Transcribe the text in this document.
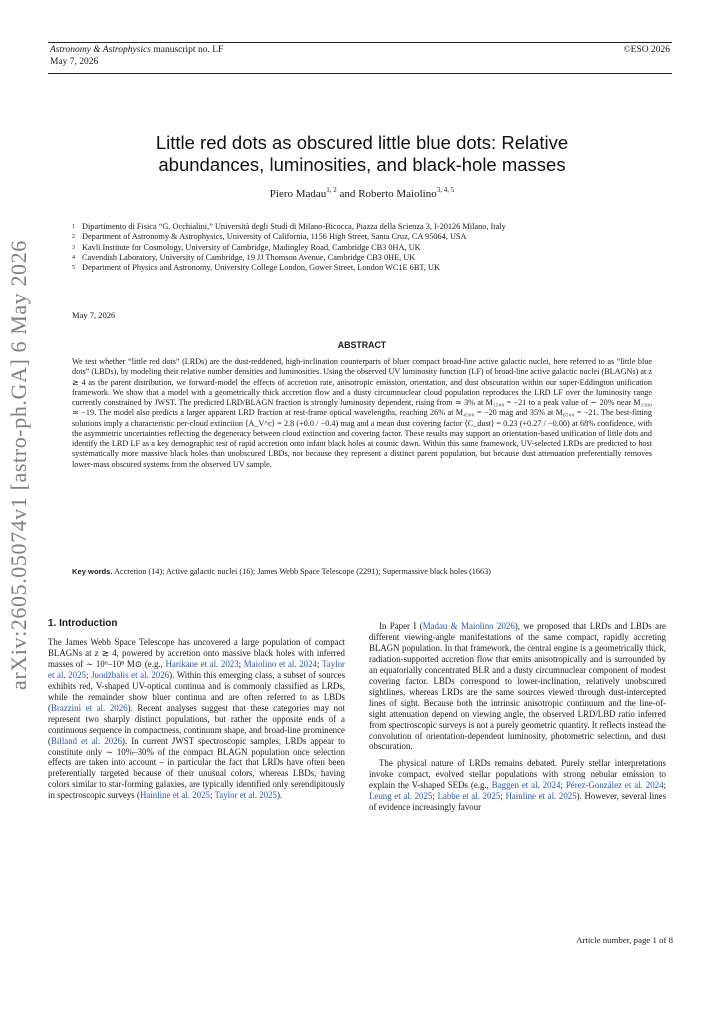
Astronomy & Astrophysics manuscript no. LF
May 7, 2026
©ESO 2026
arXiv:2605.05074v1 [astro-ph.GA] 6 May 2026
Little red dots as obscured little blue dots: Relative
abundances, luminosities, and black-hole masses
Piero Madau$^{1, 2}$ and Roberto Maiolino$^{3, 4, 5}$
1 Dipartimento di Fisica “G. Occhialini,” Università degli Studi di Milano-Bicocca, Piazza della Scienza 3, I-20126 Milano, Italy
2 Department of Astronomy & Astrophysics, University of California, 1156 High Street, Santa Cruz, CA 95064, USA
3 Kavli Institute for Cosmology, University of Cambridge, Madingley Road, Cambridge CB3 0HA, UK
4 Cavendish Laboratory, University of Cambridge, 19 JJ Thomson Avenue, Cambridge CB3 0HE, UK
5 Department of Physics and Astronomy, University College London, Gower Street, London WC1E 6BT, UK
May 7, 2026
ABSTRACT
We test whether “little red dots” (LRDs) are the dust-reddened, high-inclination counterparts of bluer compact broad-line active galactic nuclei, here referred to as “little blue dots” (LBDs), by modeling their relative number densities and luminosities. Using the observed UV luminosity function (LF) of broad-line active galactic nuclei (BLAGNs) at z ≳ 4 as the parent distribution, we forward-model the effects of accretion rate, anisotropic emission, orientation, and dust obscuration within our super-Eddington unification framework. We show that a model with a geometrically thick accretion flow and a dusty circumnuclear cloud population reproduces the LRD LF over the luminosity range currently constrained by JWST. The predicted LRD/BLAGN fraction is strongly luminosity dependent, rising from ≃ 3% at M₁₅₀₀ = −21 to a peak value of ∼ 20% near M₁₅₀₀ ≃ −19. The model also predicts a larger apparent LRD fraction at rest-frame optical wavelengths, reaching 26% at M₄₅₀₀ = −20 mag and 35% at M₆₅₀₀ = −21. The best-fitting solutions imply a characteristic per-cloud extinction ⟨A_V^c⟩ = 2.8 (+0.0 / −0.4) mag and a mean dust covering factor ⟨C_dust⟩ = 0.23 (+0.27 / −0.00) at 68% confidence, with the asymmetric uncertainties reflecting the degeneracy between cloud extinction and covering factor. These results may support an orientation-based unification of little dots and identify the LRD LF as a key demographic test of rapid accretion onto infant black holes at cosmic dawn. Within this same framework, UV-selected LRDs are predicted to host systematically more massive black holes than unobscured LBDs, not because they represent a distinct parent population, but because dust attenuation preferentially removes lower-mass obscured systems from the observed UV sample.
Key words. Accretion (14); Active galactic nuclei (16); James Webb Space Telescope (2291); Supermassive black holes (1663)
1. Introduction

The James Webb Space Telescope has uncovered a large population of compact BLAGNs at z ≳ 4, powered by accretion onto massive black holes with inferred masses of ∼ 10⁶–10⁸ M⊙ (e.g., Harikane et al. 2023; Maiolino et al. 2024; Taylor et al. 2025; Juodžbalis et al. 2026). Within this emerging class, a subset of sources exhibits red, V-shaped UV-optical continua and is commonly classified as LRDs, while the remainder show bluer continua and are often referred to as LBDs (Brazzini et al. 2026). Recent analyses suggest that these categories may not represent two sharply distinct populations, but rather the opposite ends of a continuous sequence in compactness, continuum shape, and broad-line prominence (Billand et al. 2026). In current JWST spectroscopic samples, LRDs appear to constitute only ∼ 10%–30% of the compact BLAGN population once selection effects are taken into account – in particular the fact that LRDs have often been preferentially targeted because of their unusual colors, whereas LBDs, having colors similar to star-forming galaxies, are typically identified only serendipitously in spectroscopic surveys (Hainline et al. 2025; Taylor et al. 2025).

In Paper I (Madau & Maiolino 2026), we proposed that LRDs and LBDs are different viewing-angle manifestations of the same compact, rapidly accreting BLAGN population. In that framework, the central engine is a geometrically thick, radiation-supported accretion flow that emits anisotropically and is surrounded by an equatorially concentrated BLR and a dusty circumnuclear component of modest covering factor. LBDs correspond to lower-inclination, relatively unobscured sightlines, whereas LRDs are the same sources viewed through dust-intercepted lines of sight. Because both the intrinsic anisotropic continuum and the line-of-sight attenuation depend on viewing angle, the observed LRD/LBD ratio inferred from spectroscopic surveys is not a purely geometric quantity. It reflects instead the convolution of orientation-dependent luminosity, photometric selection, and dust obscuration.

The physical nature of LRDs remains debated. Purely stellar interpretations invoke compact, evolved stellar populations with strong nebular emission to explain the V-shaped SEDs (e.g., Baggen et al. 2024; Pérez-González et al. 2024; Leung et al. 2025; Labbe et al. 2025; Hainline et al. 2025). However, several lines of evidence increasingly favour

Article number, page 1 of 8
